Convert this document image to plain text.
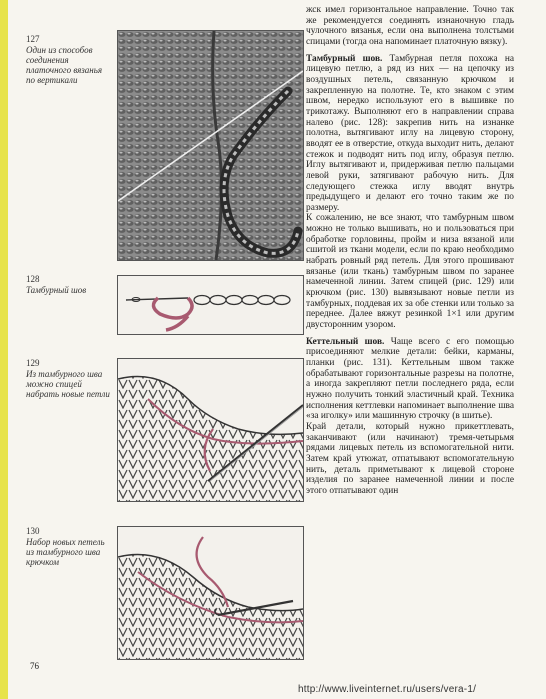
127
Один из способов соединения платочного вязанья по вертикали
128
Тамбурный шов
129
Из тамбурного шва можно спицей набрать новые петли
130
Набор новых петель из тамбурного шва крючком

жск имел горизонтальное направление. Точно так же рекомендуется соединять изнаночную гладь чулочного вязанья, если она выполнена толстыми спицами (тогда она напоминает платочную вязку).

Тамбурный шов. Тамбурная петля похожа на лицевую петлю, а ряд из них — на цепочку из воздушных петель, связанную крючком и закрепленную на полотне. Те, кто знаком с этим швом, нередко используют его в вышивке по трикотажу. Выполняют его в направлении справа налево (рис. 128): закрепив нить на изнанке полотна, вытягивают иглу на лицевую сторону, вводят ее в отверстие, откуда выходит нить, делают стежок и подводят нить под иглу, образуя петлю. Иглу вытягивают и, придерживая петлю пальцами левой руки, затягивают рабочую нить. Для следующего стежка иглу вводят внутрь предыдущего и делают его точно таким же по размеру.

К сожалению, не все знают, что тамбурным швом можно не только вышивать, но и пользоваться при обработке горловины, пройм и низа вязаной или сшитой из ткани модели, если по краю необходимо набрать ровный ряд петель. Для этого прошивают вязанье (или ткань) тамбурным швом по заранее намеченной линии. Затем спицей (рис. 129) или крючком (рис. 130) вывязывают новые петли из тамбурных, поддевая их за обе стенки или только за переднее. Далее вяжут резинкой 1×1 или другим двусторонним узором.

Кеттельный шов. Чаще всего с его помощью присоединяют мелкие детали: бейки, карманы, планки (рис. 131). Кеттельным швом также обрабатывают горизонтальные разрезы на полотне, а иногда закрепляют петли последнего ряда, если нужно получить тонкий эластичный край. Техника исполнения кеттлевки напоминает выполнение шва «за иголку» или машинную строчку (в шитье).

Край детали, который нужно прикеттлевать, заканчивают (или начинают) тремя-четырьмя рядами лицевых петель из вспомогательной нити. Затем край утюжат, отпатывают вспомогательную нить, деталь приметывают к лицевой стороне изделия по заранее намеченной линии и после этого отпатывают один

76
http://www.liveinternet.ru/users/vera-1/
